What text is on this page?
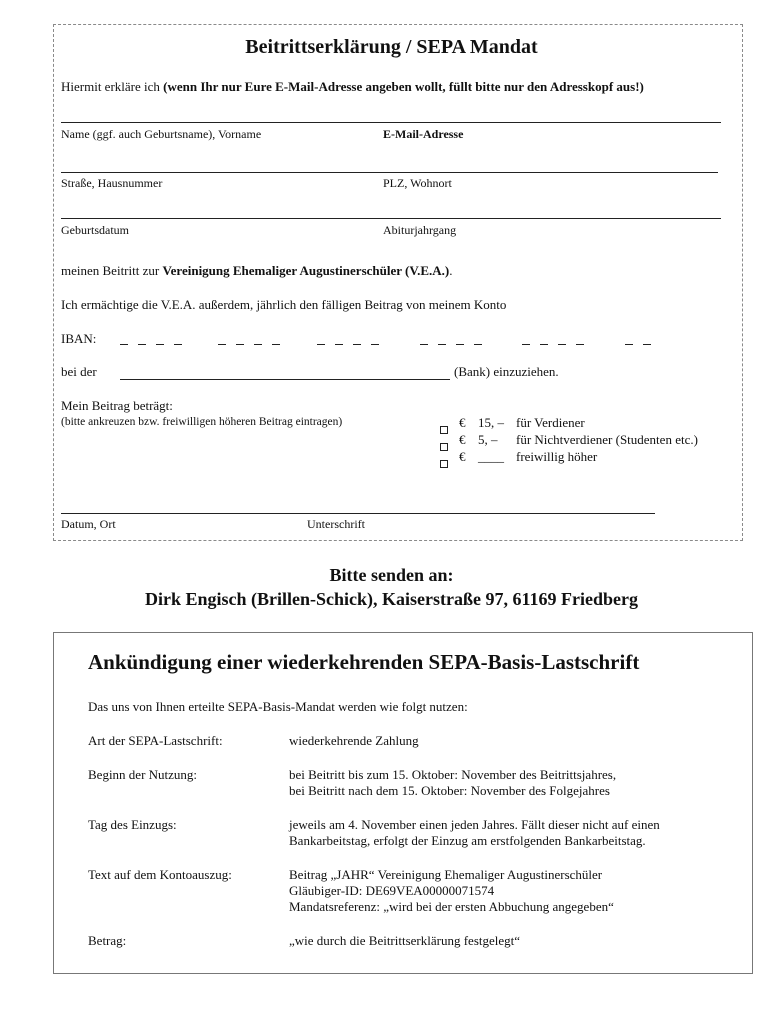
Beitrittserklärung / SEPA Mandat
Hiermit erkläre ich (wenn Ihr nur Eure E-Mail-Adresse angeben wollt, füllt bitte nur den Adresskopf aus!)
Name (ggf. auch Geburtsname), Vorname	E-Mail-Adresse
Straße, Hausnummer	PLZ, Wohnort
Geburtsdatum	Abiturjahrgang
meinen Beitritt zur Vereinigung Ehemaliger Augustinerschüler (V.E.A.).
Ich ermächtige die V.E.A. außerdem, jährlich den fälligen Beitrag von meinem Konto
IBAN:
bei der	(Bank) einzuziehen.
Mein Beitrag beträgt:
(bitte ankreuzen bzw. freiwilligen höheren Beitrag eintragen)	€ 15, – für Verdiener
€ 5, – für Nichtverdiener (Studenten etc.)
€ ____ freiwillig höher
Datum, Ort	Unterschrift
Bitte senden an:
Dirk Engisch (Brillen-Schick), Kaiserstraße 97, 61169 Friedberg
Ankündigung einer wiederkehrenden SEPA-Basis-Lastschrift
Das uns von Ihnen erteilte SEPA-Basis-Mandat werden wie folgt nutzen:
Art der SEPA-Lastschrift:	wiederkehrende Zahlung
Beginn der Nutzung:	bei Beitritt bis zum 15. Oktober: November des Beitrittsjahres,
bei Beitritt nach dem 15. Oktober: November des Folgejahres
Tag des Einzugs:	jeweils am 4. November einen jeden Jahres. Fällt dieser nicht auf einen
Bankarbeitstag, erfolgt der Einzug am erstfolgenden Bankarbeitstag.
Text auf dem Kontoauszug:	Beitrag „JAHR“ Vereinigung Ehemaliger Augustinerschüler
Gläubiger-ID: DE69VEA00000071574
Mandatsreferenz: „wird bei der ersten Abbuchung angegeben“
Betrag:	„wie durch die Beitrittserklärung festgelegt“
